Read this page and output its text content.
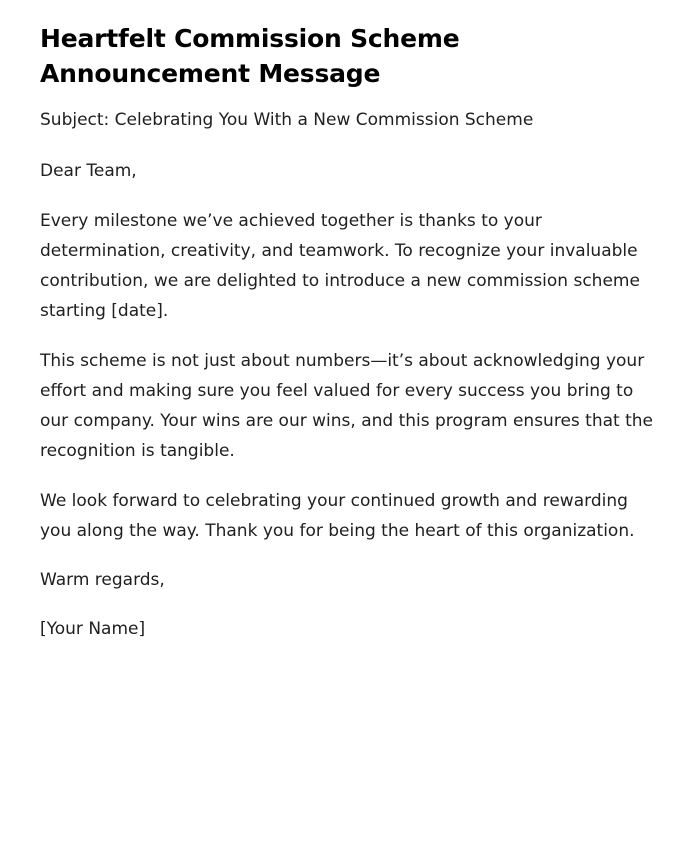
Heartfelt Commission Scheme Announcement Message

Subject: Celebrating You With a New Commission Scheme

Dear Team,

Every milestone we’ve achieved together is thanks to your determination, creativity, and teamwork. To recognize your invaluable contribution, we are delighted to introduce a new commission scheme starting [date].

This scheme is not just about numbers—it’s about acknowledging your effort and making sure you feel valued for every success you bring to our company. Your wins are our wins, and this program ensures that the recognition is tangible.

We look forward to celebrating your continued growth and rewarding you along the way. Thank you for being the heart of this organization.

Warm regards,

[Your Name]
